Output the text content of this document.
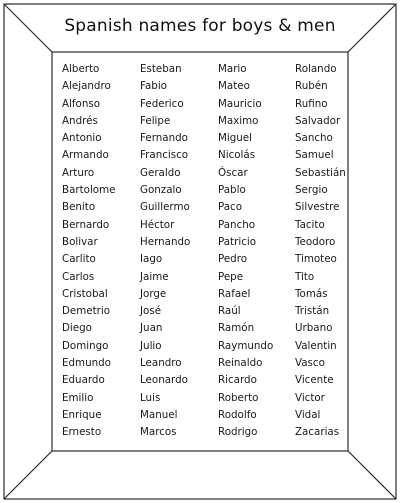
Spanish names for boys & men
Alberto	Esteban	Mario	Rolando
Alejandro	Fabio	Mateo	Rubén
Alfonso	Federico	Mauricio	Rufino
Andrés	Felipe	Maximo	Salvador
Antonio	Fernando	Miguel	Sancho
Armando	Francisco	Nicolás	Samuel
Arturo	Geraldo	Óscar	Sebastián
Bartolome	Gonzalo	Pablo	Sergio
Benito	Guillermo	Paco	Silvestre
Bernardo	Héctor	Pancho	Tacito
Bolivar	Hernando	Patricio	Teodoro
Carlito	Iago	Pedro	Timoteo
Carlos	Jaime	Pepe	Tito
Cristobal	Jorge	Rafael	Tomás
Demetrio	José	Raúl	Tristán
Diego	Juan	Ramón	Urbano
Domingo	Julio	Raymundo	Valentin
Edmundo	Leandro	Reinaldo	Vasco
Eduardo	Leonardo	Ricardo	Vicente
Emilio	Luis	Roberto	Victor
Enrique	Manuel	Rodolfo	Vidal
Ernesto	Marcos	Rodrigo	Zacarias
